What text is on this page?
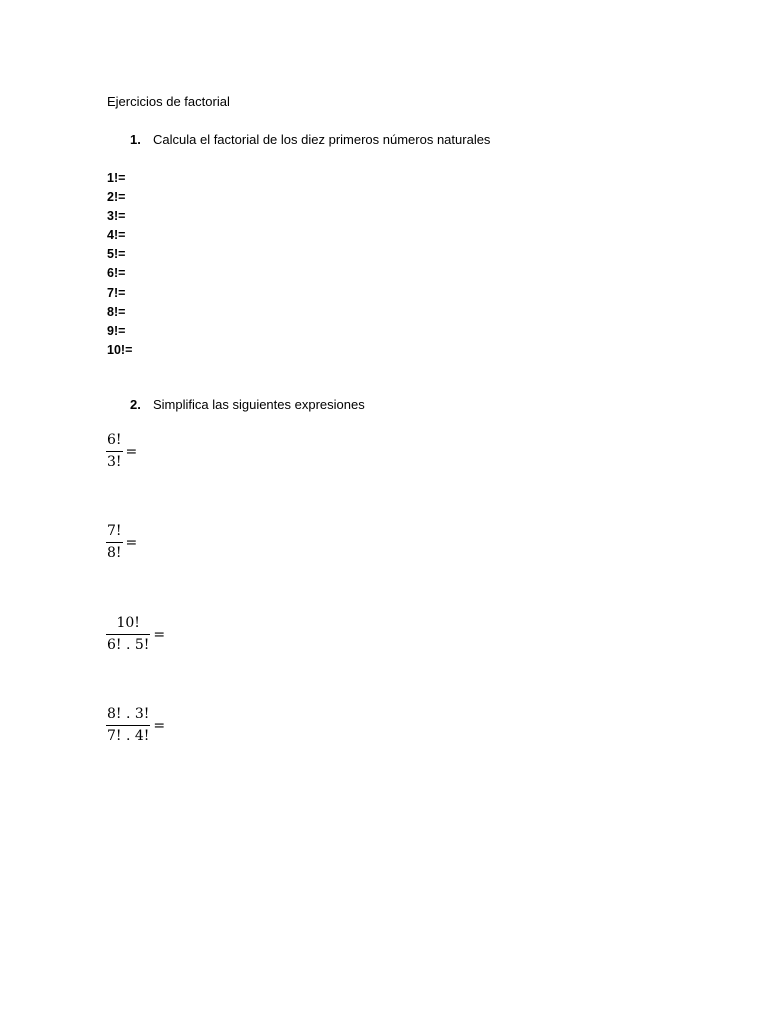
Ejercicios de factorial
1. Calcula el factorial de los diez primeros números naturales
1!=
2!=
3!=
4!=
5!=
6!=
7!=
8!=
9!=
10!=
2. Simplifica las siguientes expresiones
$\frac{6!}{3!}$ =
$\frac{7!}{8!}$ =
$\frac{10!}{6! . 5!}$ =
$\frac{8! . 3!}{7! . 4!}$ =
